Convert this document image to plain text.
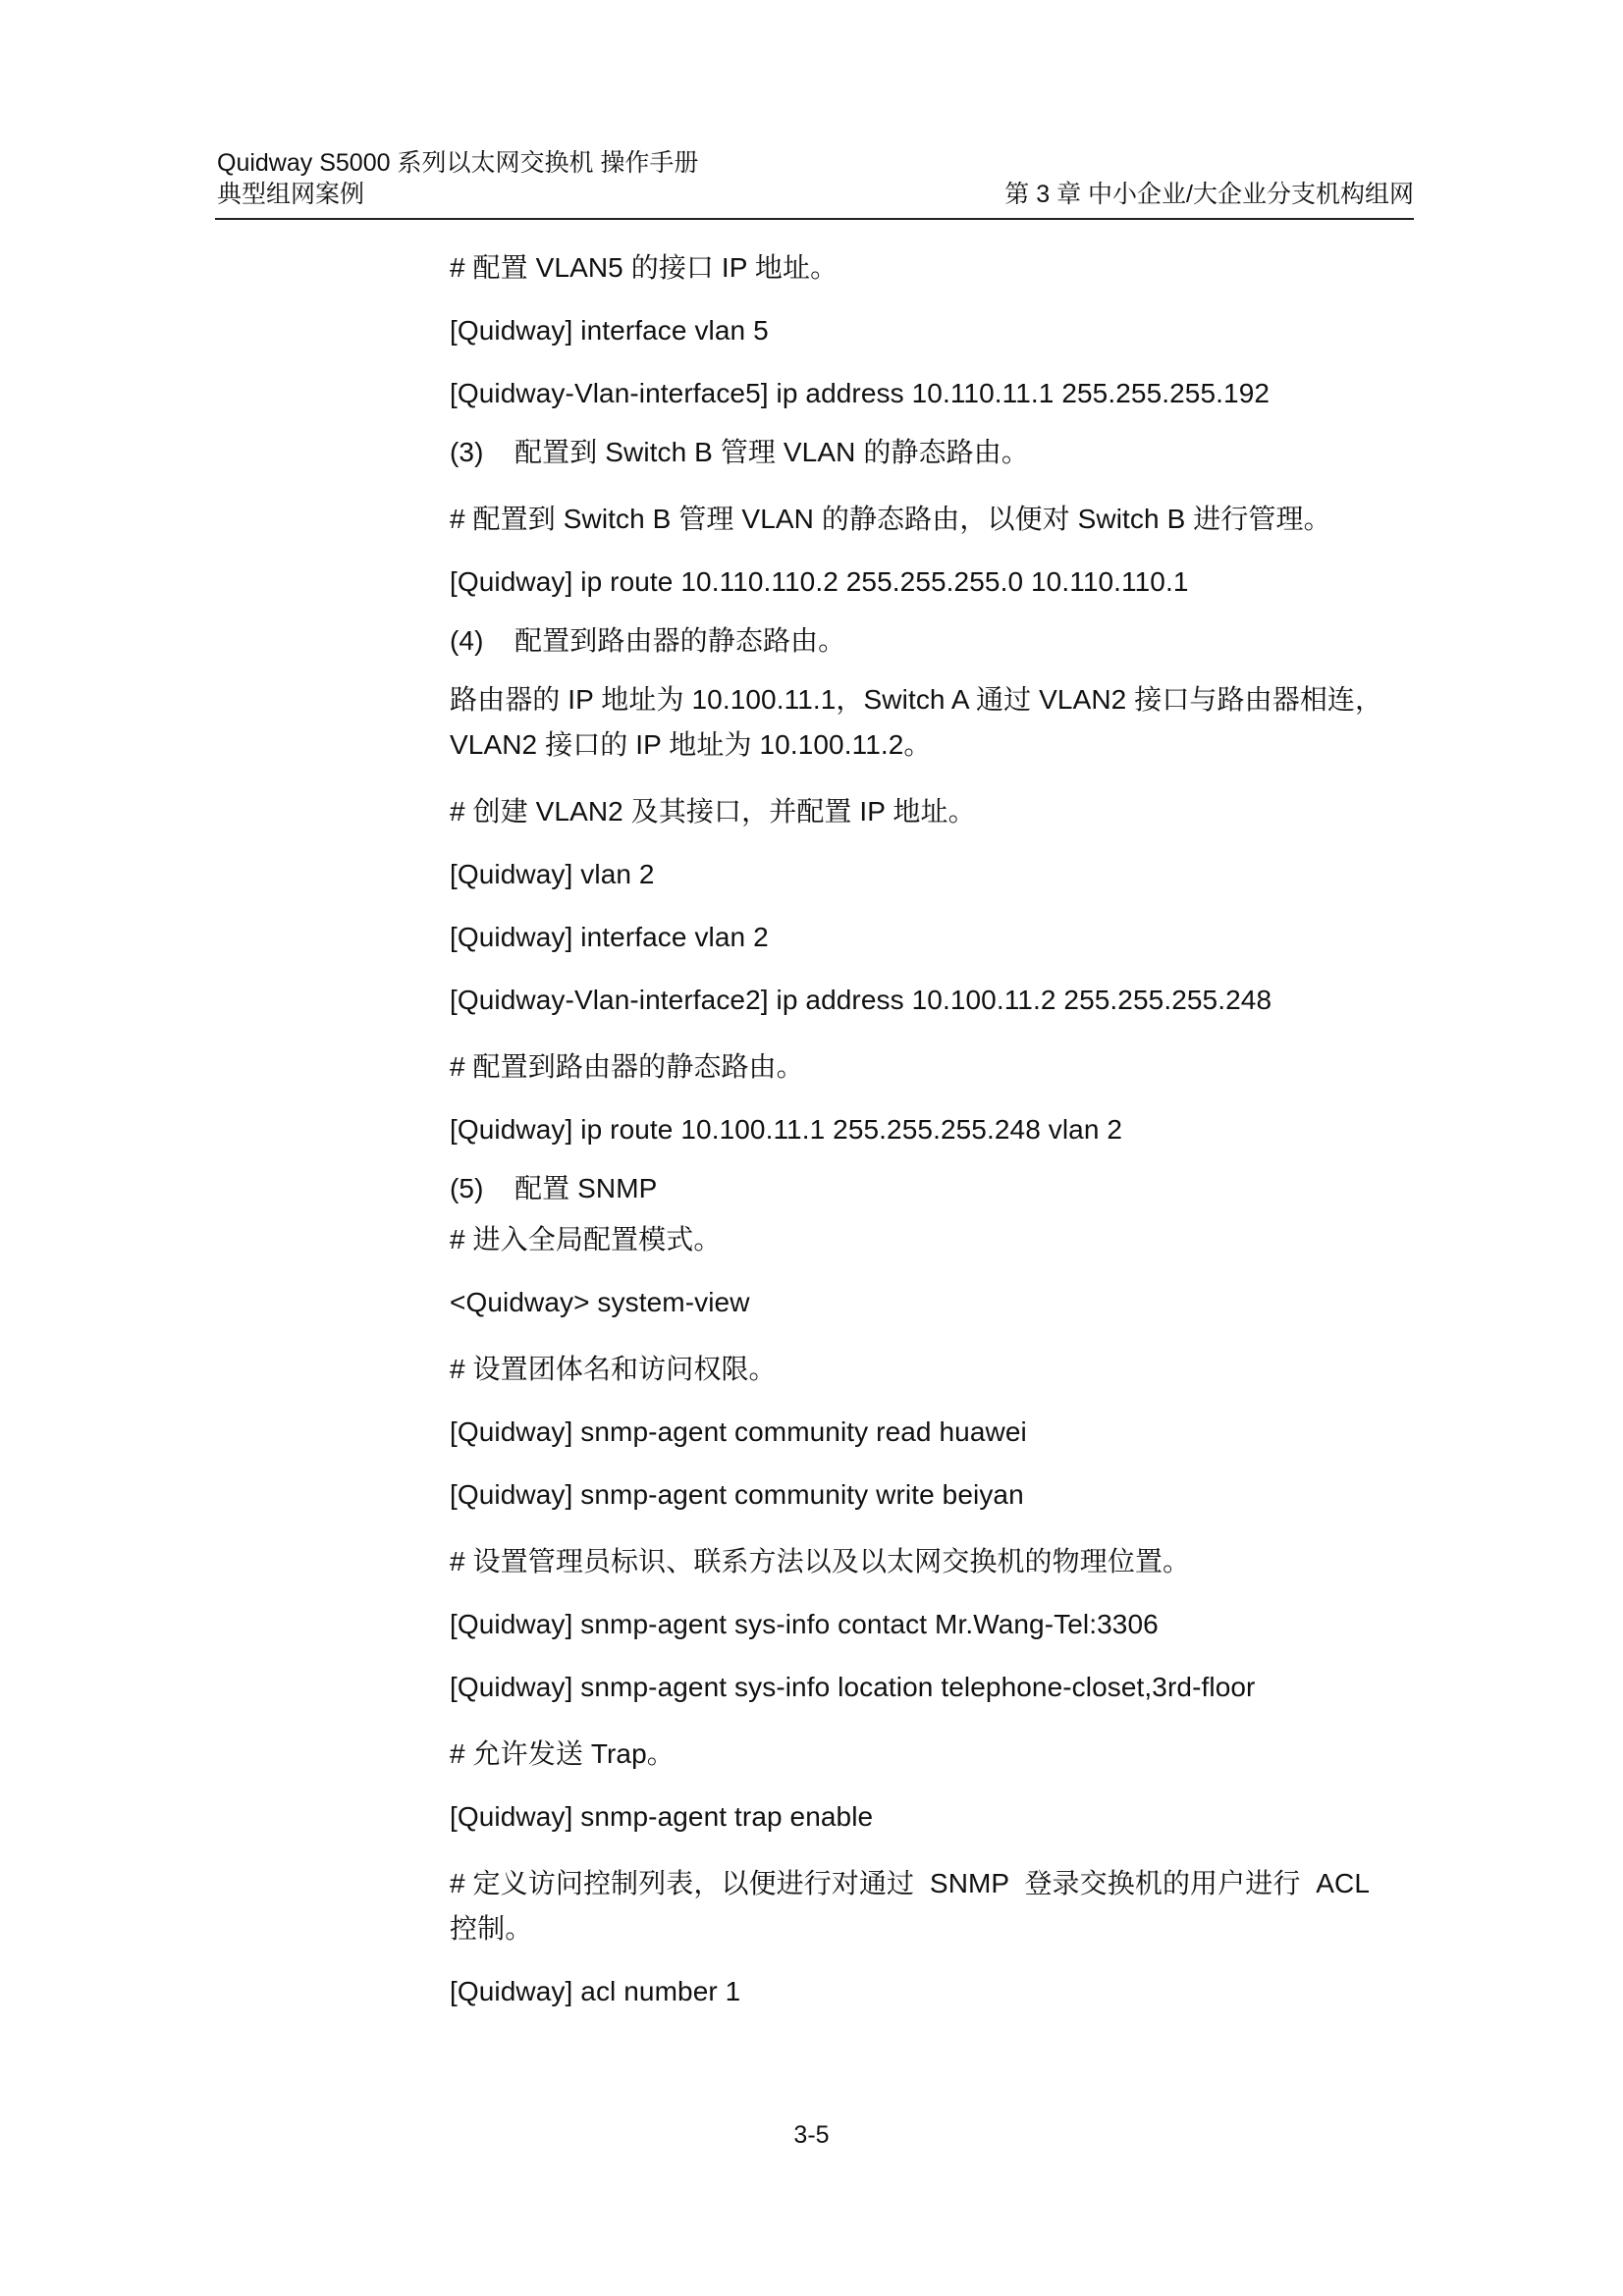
Quidway S5000 系列以太网交换机 操作手册
典型组网案例	第 3 章 中小企业/大企业分支机构组网
# 配置 VLAN5 的接口 IP 地址。
[Quidway] interface vlan 5
[Quidway-Vlan-interface5] ip address 10.110.11.1 255.255.255.192
(3)    配置到 Switch B 管理 VLAN 的静态路由。
# 配置到 Switch B 管理 VLAN 的静态路由，以便对 Switch B 进行管理。
[Quidway] ip route 10.110.110.2 255.255.255.0 10.110.110.1
(4)    配置到路由器的静态路由。
路由器的 IP 地址为 10.100.11.1，Switch A 通过 VLAN2 接口与路由器相连，
VLAN2 接口的 IP 地址为 10.100.11.2。
# 创建 VLAN2 及其接口，并配置 IP 地址。
[Quidway] vlan 2
[Quidway] interface vlan 2
[Quidway-Vlan-interface2] ip address 10.100.11.2 255.255.255.248
# 配置到路由器的静态路由。
[Quidway] ip route 10.100.11.1 255.255.255.248 vlan 2
(5)    配置 SNMP
# 进入全局配置模式。
<Quidway> system-view
# 设置团体名和访问权限。
[Quidway] snmp-agent community read huawei
[Quidway] snmp-agent community write beiyan
# 设置管理员标识、联系方法以及以太网交换机的物理位置。
[Quidway] snmp-agent sys-info contact Mr.Wang-Tel:3306
[Quidway] snmp-agent sys-info location telephone-closet,3rd-floor
# 允许发送 Trap。
[Quidway] snmp-agent trap enable
# 定义访问控制列表，以便进行对通过  SNMP  登录交换机的用户进行  ACL
控制。
[Quidway] acl number 1
3-5
